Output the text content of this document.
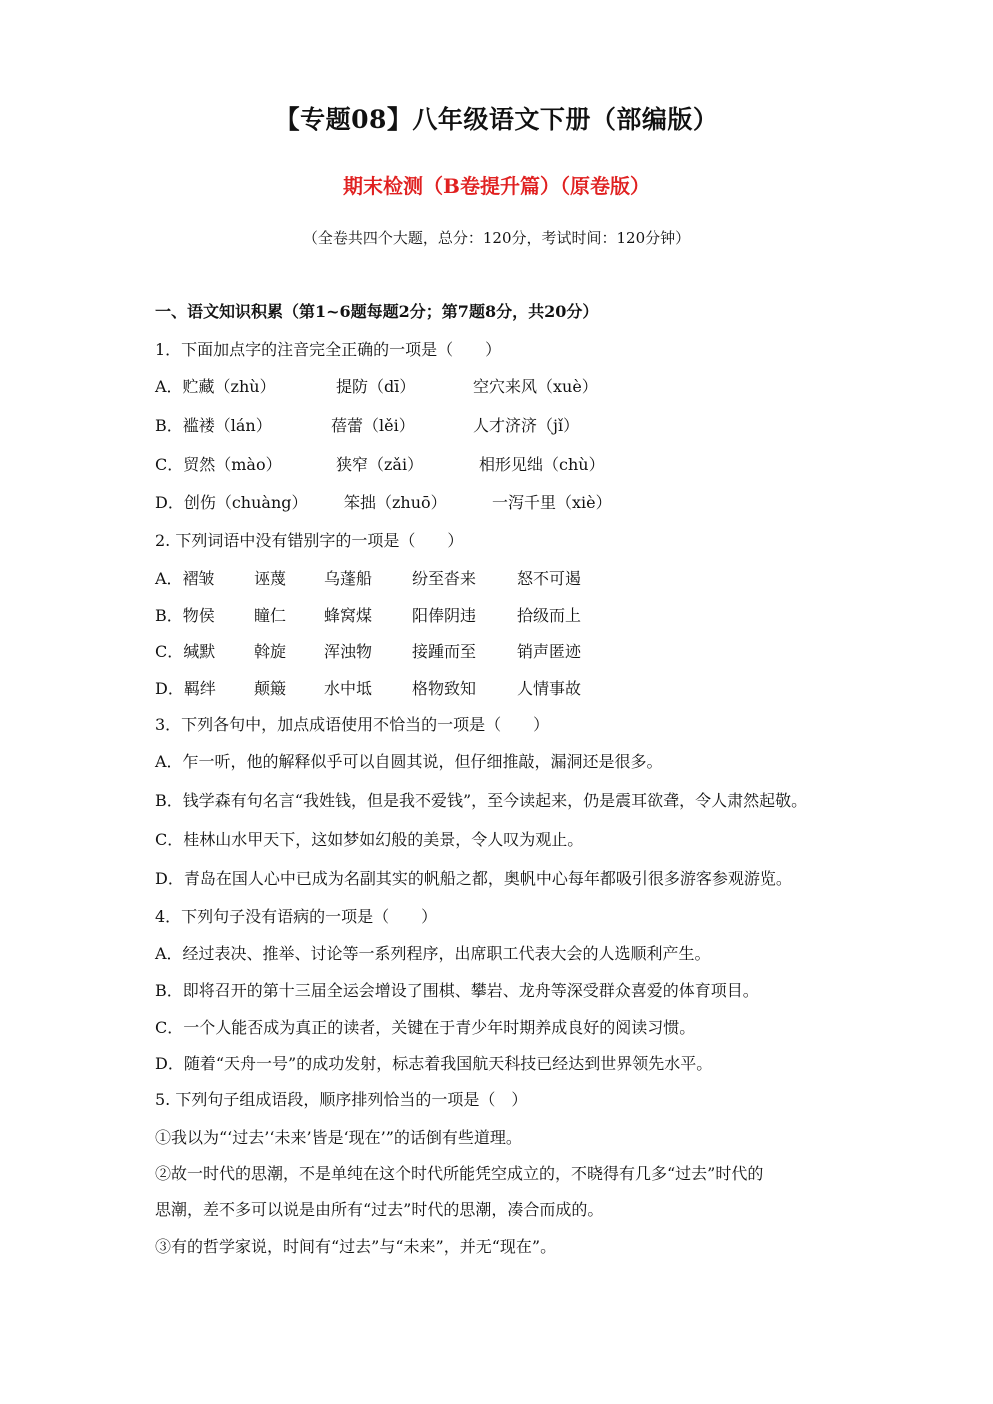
【专题08】八年级语文下册（部编版）
期末检测（B卷提升篇）（原卷版）
（全卷共四个大题，总分：120分，考试时间：120分钟）
一、语文知识积累（第1~6题每题2分；第7题8分，共20分）
1．下面加点字的注音完全正确的一项是（　　）
A．贮藏（zhù）	提防（dī）	空穴来风（xuè）
B．褴褛（lán）	蓓蕾（lěi）	人才济济（jǐ）
C．贸然（mào）	狭窄（zǎi）	相形见绌（chù）
D．创伤（chuàng） 笨拙（zhuō）	一泻千里（xiè）
2. 下列词语中没有错别字的一项是（　　）
A．褶皱 诬蔑 乌蓬船 纷至沓来	怒不可遏
B．物侯 瞳仁 蜂窝煤 阳俸阴违	拾级而上
C．缄默 斡旋 浑浊物 接踵而至	销声匿迹
D．羁绊 颠簸 水中坻 格物致知	人情事故
3．下列各句中，加点成语使用不恰当的一项是（　　）
A．乍一听，他的解释似乎可以自圆其说，但仔细推敲，漏洞还是很多。
B．钱学森有句名言“我姓钱，但是我不爱钱”，至今读起来，仍是震耳欲聋，令人肃然起敬。
C．桂林山水甲天下，这如梦如幻般的美景，令人叹为观止。
D．青岛在国人心中已成为名副其实的帆船之都，奥帆中心每年都吸引很多游客参观游览。
4．下列句子没有语病的一项是（　　）
A．经过表决、推举、讨论等一系列程序，出席职工代表大会的人选顺利产生。
B．即将召开的第十三届全运会增设了围棋、攀岩、龙舟等深受群众喜爱的体育项目。
C．一个人能否成为真正的读者，关键在于青少年时期养成良好的阅读习惯。
D．随着“天舟一号”的成功发射，标志着我国航天科技已经达到世界领先水平。
5. 下列句子组成语段，顺序排列恰当的一项是（　）
①我以为“‘过去’‘未来’皆是‘现在’”的话倒有些道理。
②故一时代的思潮，不是单纯在这个时代所能凭空成立的，不晓得有几多“过去”时代的
思潮，差不多可以说是由所有“过去”时代的思潮，凑合而成的。
③有的哲学家说，时间有“过去”与“未来”，并无“现在”。
